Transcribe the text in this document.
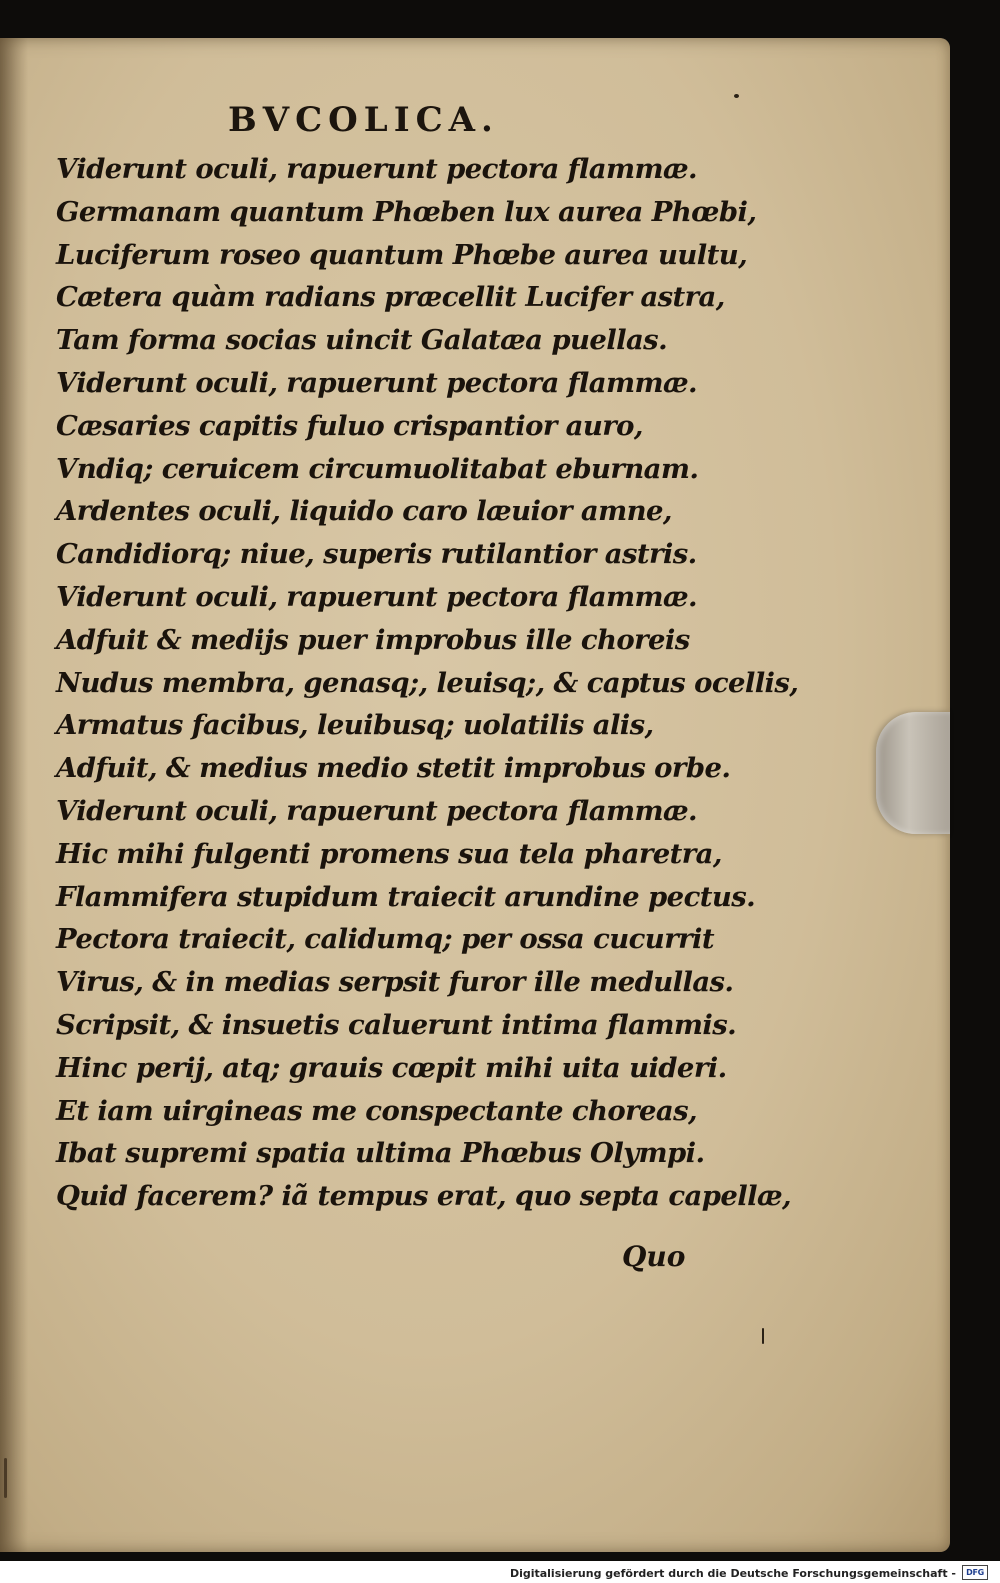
BVCOLICA.
Viderunt oculi, rapuerunt pectora flammæ.
Germanam quantum Phœben lux aurea Phœbi,
Luciferum roseo quantum Phœbe aurea uultu,
Cætera quàm radians præcellit Lucifer astra,
Tam forma socias uincit Galatæa puellas.
Viderunt oculi, rapuerunt pectora flammæ.
Cæsaries capitis fuluo crispantior auro,
Vndiq; ceruicem circumuolitabat eburnam.
Ardentes oculi, liquido caro læuior amne,
Candidiorq; niue, superis rutilantior astris.
Viderunt oculi, rapuerunt pectora flammæ.
Adfuit & medijs puer improbus ille choreis
Nudus membra, genasq;, leuisq;, & captus ocellis,
Armatus facibus, leuibusq; uolatilis alis,
Adfuit, & medius medio stetit improbus orbe.
Viderunt oculi, rapuerunt pectora flammæ.
Hic mihi fulgenti promens sua tela pharetra,
Flammifera stupidum traiecit arundine pectus.
Pectora traiecit, calidumq; per ossa cucurrit
Virus, & in medias serpsit furor ille medullas.
Scripsit, & insuetis caluerunt intima flammis.
Hinc perij, atq; grauis cœpit mihi uita uideri.
Et iam uirgineas me conspectante choreas,
Ibat supremi spatia ultima Phœbus Olympi.
Quid facerem? iã tempus erat, quo septa capellæ,

Quo

Digitalisierung gefördert durch die Deutsche Forschungsgemeinschaft - DFG
